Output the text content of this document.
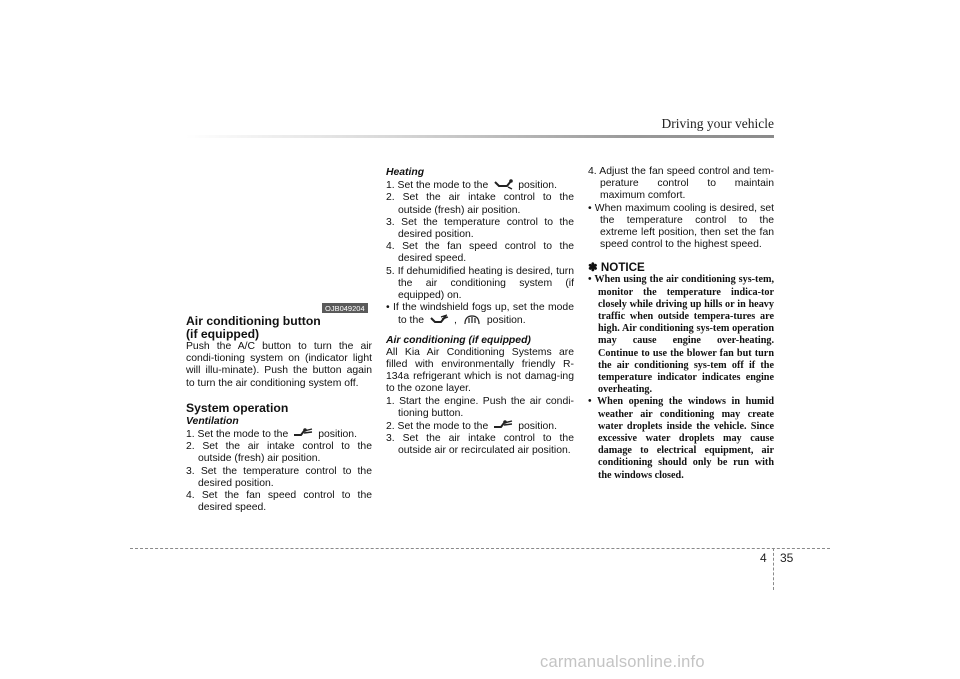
Driving your vehicle
OJB049204
Air conditioning button
(if equipped)
Push the A/C button to turn the air condi-tioning system on (indicator light will illu-minate). Push the button again to turn the air conditioning system off.
System operation
Ventilation
1. Set the mode to the	position.
2. Set the air intake control to the outside (fresh) air position.
3. Set the temperature control to the desired position.
4. Set the fan speed control to the desired speed.
Heating
1. Set the mode to the	position.
2. Set the air intake control to the outside (fresh) air position.
3. Set the temperature control to the desired position.
4. Set the fan speed control to the desired speed.
5. If dehumidified heating is desired, turn the air conditioning system (if equipped) on.
• If the windshield fogs up, set the mode to the	,	position.
Air conditioning (if equipped)
All Kia Air Conditioning Systems are filled with environmentally friendly R-134a refrigerant which is not damag-ing to the ozone layer.
1. Start the engine. Push the air condi-tioning button.
2. Set the mode to the	position.
3. Set the air intake control to the outside air or recirculated air position.
4. Adjust the fan speed control and tem-perature control to maintain maximum comfort.
• When maximum cooling is desired, set the temperature control to the extreme left position, then set the fan speed control to the highest speed.
✽ NOTICE
• When using the air conditioning sys-tem, monitor the temperature indica-tor closely while driving up hills or in heavy traffic when outside tempera-tures are high. Air conditioning sys-tem operation may cause engine over-heating. Continue to use the blower fan but turn the air conditioning sys-tem off if the temperature indicator indicates engine overheating.
• When opening the windows in humid weather air conditioning may create water droplets inside the vehicle. Since excessive water droplets may cause damage to electrical equipment, air conditioning should only be run with the windows closed.
4 35
carmanualsonline.info
